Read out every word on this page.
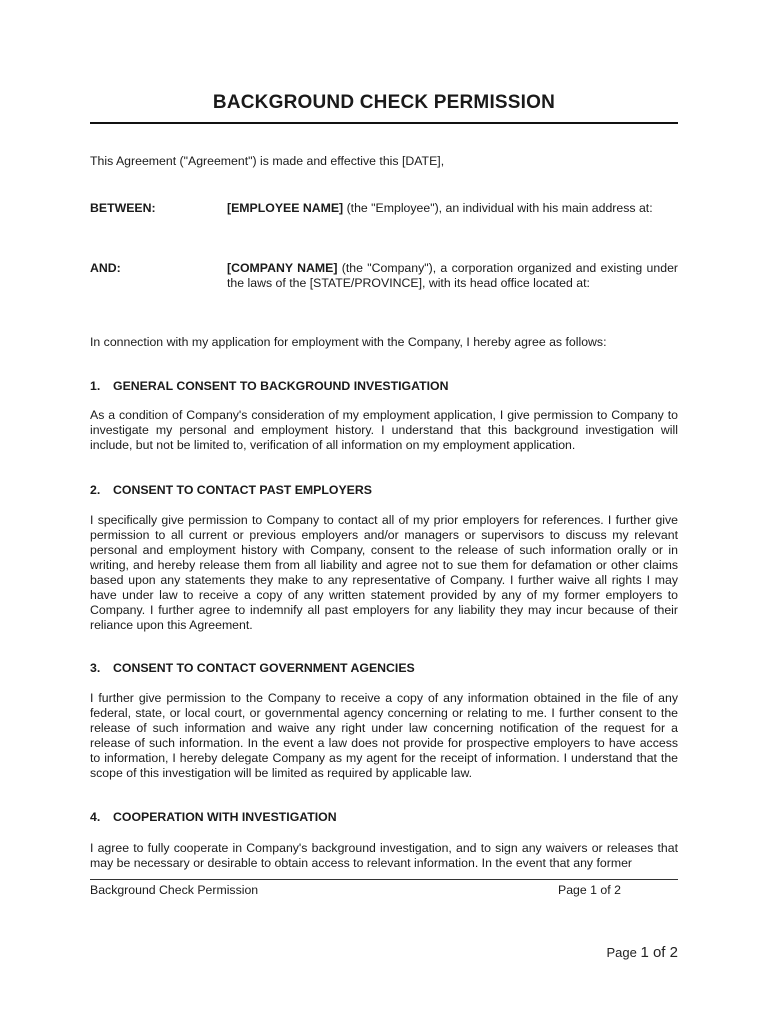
BACKGROUND CHECK PERMISSION

This Agreement ("Agreement") is made and effective this [DATE],

BETWEEN:	[EMPLOYEE NAME] (the "Employee"), an individual with his main address at:
AND:	[COMPANY NAME] (the "Company"), a corporation organized and existing under the laws of the [STATE/PROVINCE], with its head office located at:

In connection with my application for employment with the Company, I hereby agree as follows:

1. GENERAL CONSENT TO BACKGROUND INVESTIGATION

As a condition of Company's consideration of my employment application, I give permission to Company to investigate my personal and employment history. I understand that this background investigation will include, but not be limited to, verification of all information on my employment application.

2. CONSENT TO CONTACT PAST EMPLOYERS

I specifically give permission to Company to contact all of my prior employers for references. I further give permission to all current or previous employers and/or managers or supervisors to discuss my relevant personal and employment history with Company, consent to the release of such information orally or in writing, and hereby release them from all liability and agree not to sue them for defamation or other claims based upon any statements they make to any representative of Company. I further waive all rights I may have under law to receive a copy of any written statement provided by any of my former employers to Company. I further agree to indemnify all past employers for any liability they may incur because of their reliance upon this Agreement.

3. CONSENT TO CONTACT GOVERNMENT AGENCIES

I further give permission to the Company to receive a copy of any information obtained in the file of any federal, state, or local court, or governmental agency concerning or relating to me. I further consent to the release of such information and waive any right under law concerning notification of the request for a release of such information. In the event a law does not provide for prospective employers to have access to information, I hereby delegate Company as my agent for the receipt of information. I understand that the scope of this investigation will be limited as required by applicable law.

4. COOPERATION WITH INVESTIGATION

I agree to fully cooperate in Company's background investigation, and to sign any waivers or releases that may be necessary or desirable to obtain access to relevant information. In the event that any former

Background Check Permission	Page 1 of 2
Page 1 of 2
